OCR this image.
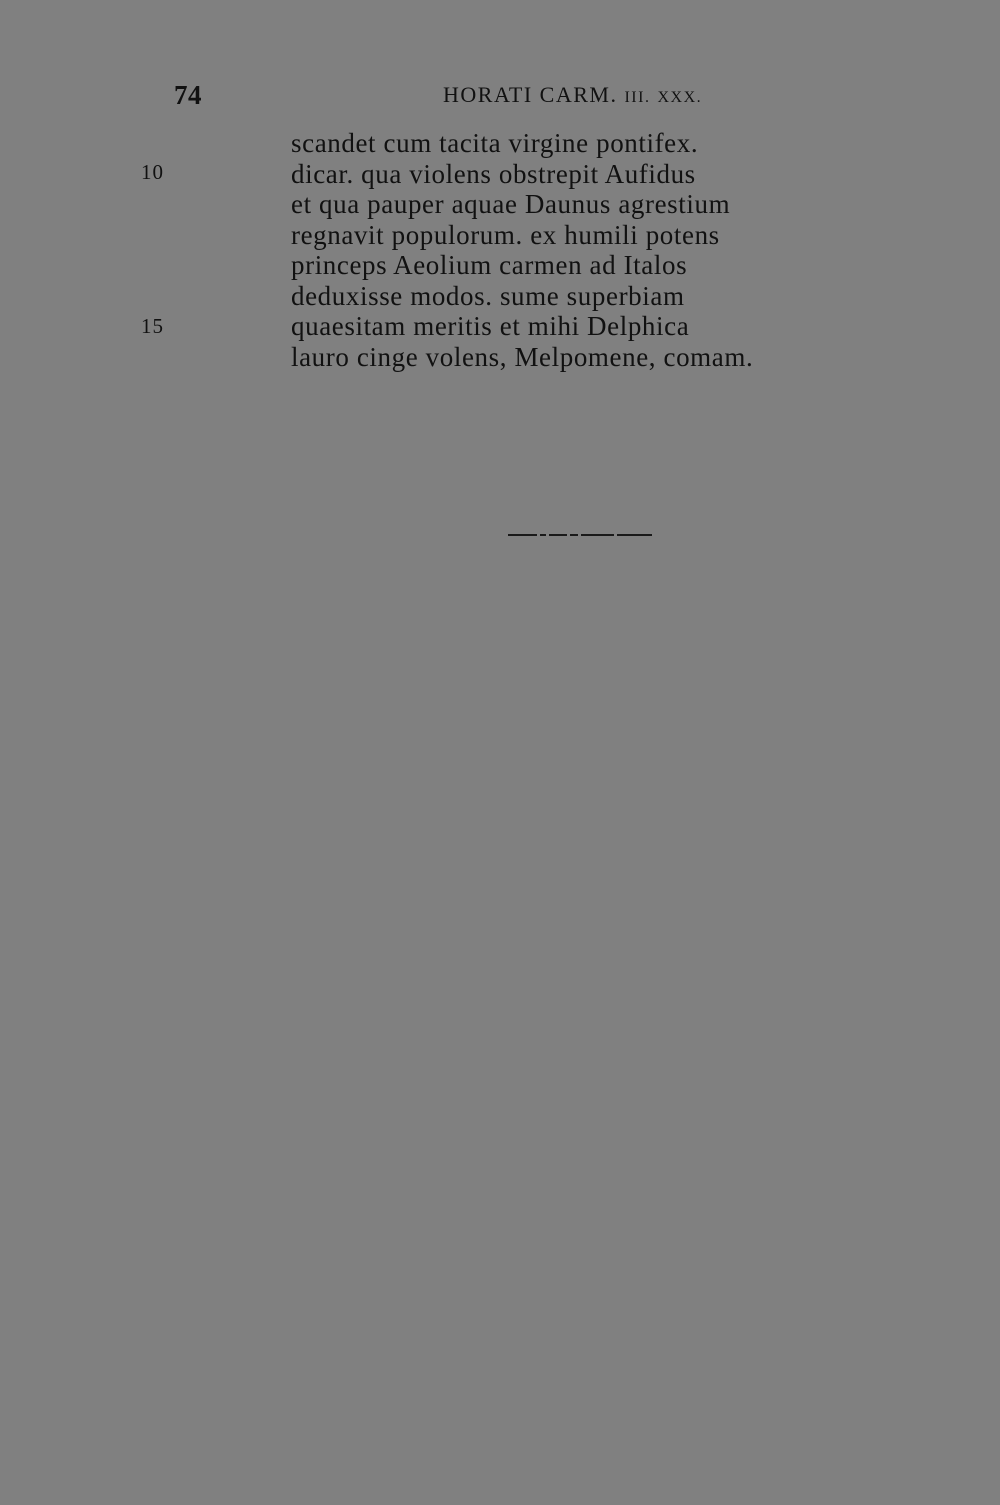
74	HORATI CARM. III. XXX.
10
15
scandet cum tacita virgine pontifex.
dicar. qua violens obstrepit Aufidus
et qua pauper aquae Daunus agrestium
regnavit populorum. ex humili potens
princeps Aeolium carmen ad Italos
deduxisse modos. sume superbiam
quaesitam meritis et mihi Delphica
lauro cinge volens, Melpomene, comam.
